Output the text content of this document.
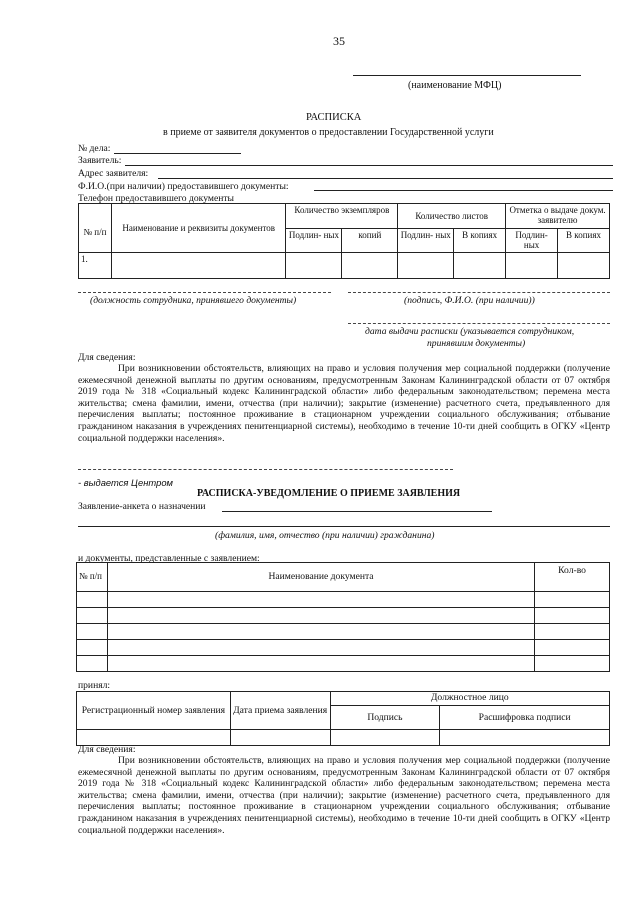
35
(наименование МФЦ)
РАСПИСКА
в приеме от заявителя документов о предоставлении Государственной услуги
№ дела:
Заявитель:
Адрес заявителя:
Ф.И.О.(при наличии) предоставившего документы:
Телефон предоставившего документы
№ п/п	Наименование и реквизиты документов	Количество экземпляров		Количество листов		Отметка о выдаче докум. заявителю	
		Подлин- ных	копий	Подлин- ных	В копиях	Подлин- ных	В копиях
1.							
(должность сотрудника, принявшего документы)	(подпись, Ф.И.О. (при наличии))
дата выдачи расписки (указывается сотрудником,
принявшим документы)
Для сведения:

При возникновении обстоятельств, влияющих на право и условия получения мер социальной поддержки (получение ежемесячной денежной выплаты по другим основаниям, предусмотренным Законам Калининградской области от 07 октября 2019 года № 318 «Социальный кодекс Калининградской области» либо федеральным законодательством; перемена места жительства; смена фамилии, имени, отчества (при наличии); закрытие (изменение) расчетного счета, предъявленного для перечисления выплаты; постоянное проживание в стационарном учреждении социального обслуживания; отбывание гражданином наказания в учреждениях пенитенциарной системы), необходимо в течение 10-ти дней сообщить в ОГКУ «Центр социальной поддержки населения».

- выдается Центром
РАСПИСКА-УВЕДОМЛЕНИЕ О ПРИЕМЕ ЗАЯВЛЕНИЯ
Заявление-анкета о назначении
(фамилия, имя, отчество (при наличии) гражданина)
и документы, представленные с заявлением:
№ п/п	Наименование документа	Кол-во

принял:
Регистрационный номер заявления	Дата приема заявления	Должностное лицо	
		Подпись	Расшифровка подписи

Для сведения:

При возникновении обстоятельств, влияющих на право и условия получения мер социальной поддержки (получение ежемесячной денежной выплаты по другим основаниям, предусмотренным Законам Калининградской области от 07 октября 2019 года № 318 «Социальный кодекс Калининградской области» либо федеральным законодательством; перемена места жительства; смена фамилии, имени, отчества (при наличии); закрытие (изменение) расчетного счета, предъявленного для перечисления выплаты; постоянное проживание в стационарном учреждении социального обслуживания; отбывание гражданином наказания в учреждениях пенитенциарной системы), необходимо в течение 10-ти дней сообщить в ОГКУ «Центр социальной поддержки населения».
